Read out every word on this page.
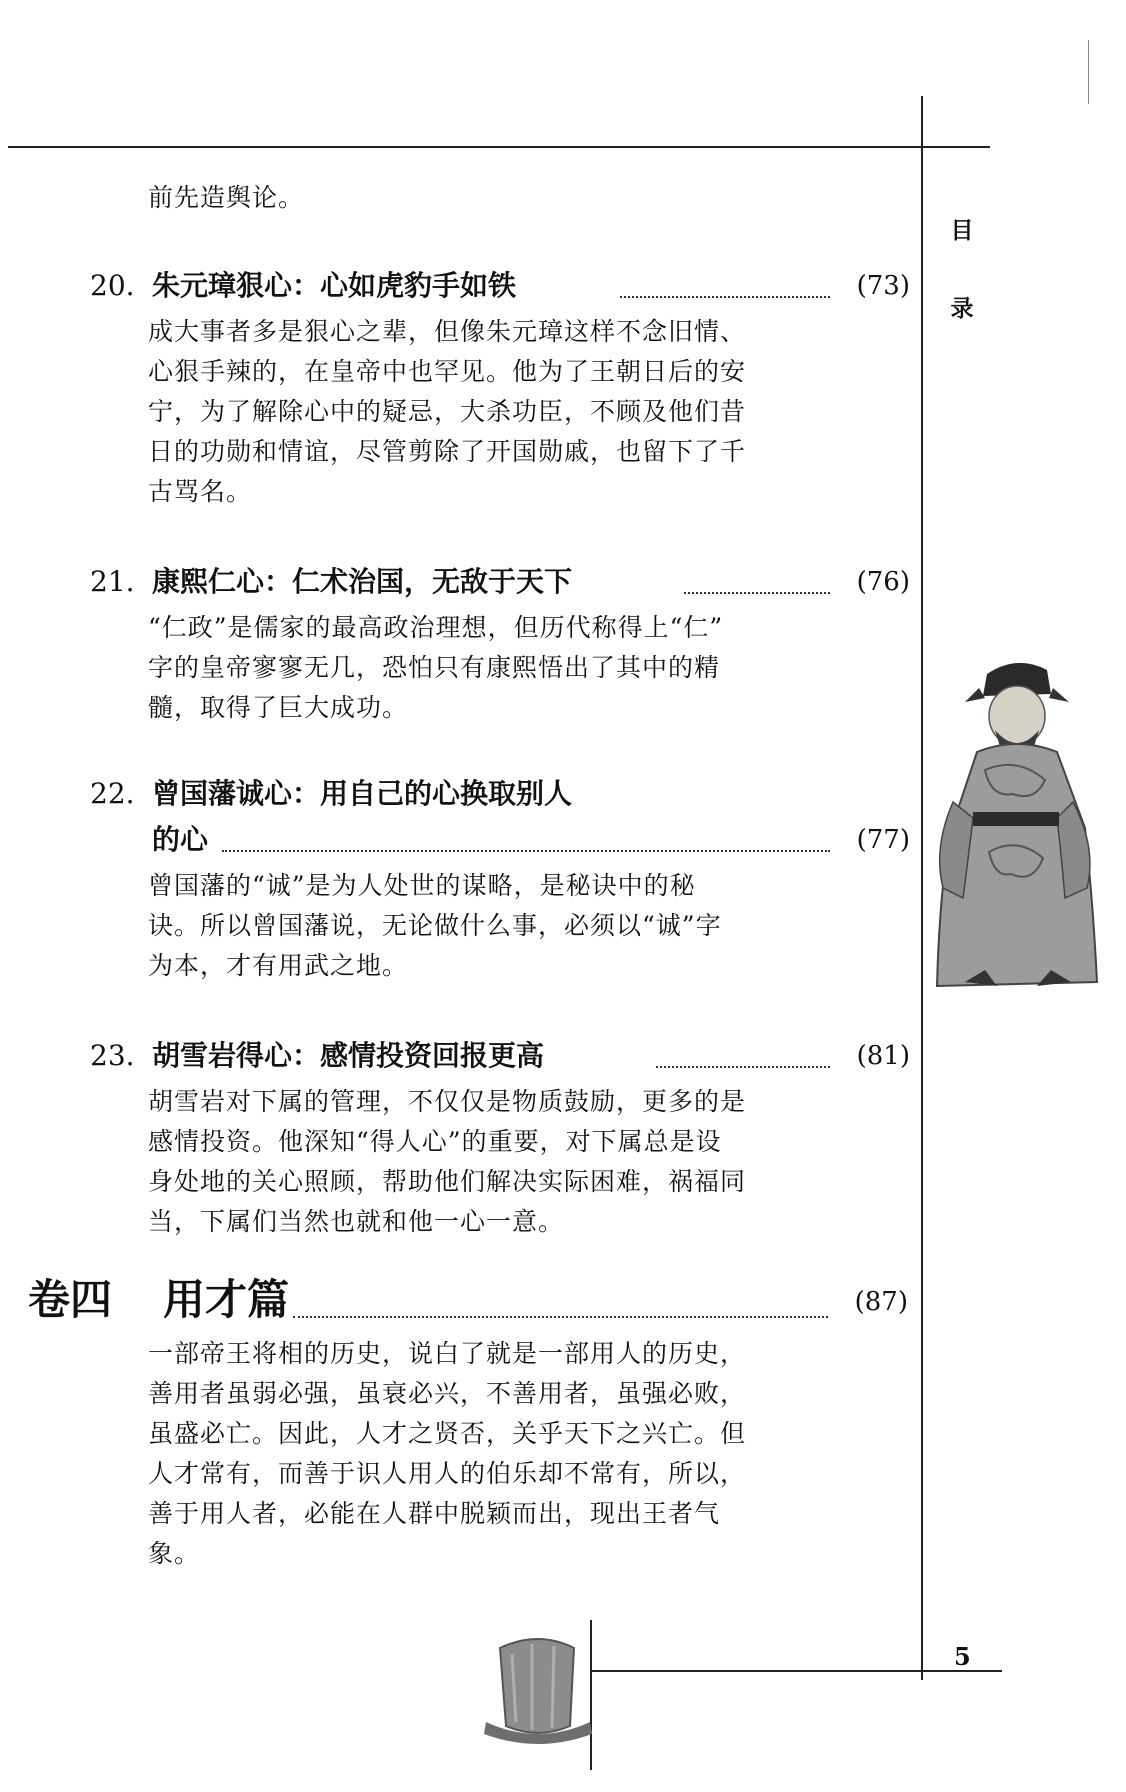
目
录
前先造舆论。
20. 朱元璋狠心：心如虎豹手如铁	(73)
成大事者多是狠心之辈，但像朱元璋这样不念旧情、
心狠手辣的，在皇帝中也罕见。他为了王朝日后的安
宁，为了解除心中的疑忌，大杀功臣，不顾及他们昔
日的功勋和情谊，尽管剪除了开国勋戚，也留下了千
古骂名。
21. 康熙仁心：仁术治国，无敌于天下	(76)
“仁政”是儒家的最高政治理想，但历代称得上“仁”
字的皇帝寥寥无几，恐怕只有康熙悟出了其中的精
髓，取得了巨大成功。
22. 曾国藩诚心：用自己的心换取别人
的心	(77)
曾国藩的“诚”是为人处世的谋略，是秘诀中的秘
诀。所以曾国藩说，无论做什么事，必须以“诚”字
为本，才有用武之地。
23. 胡雪岩得心：感情投资回报更高	(81)
胡雪岩对下属的管理，不仅仅是物质鼓励，更多的是
感情投资。他深知“得人心”的重要，对下属总是设
身处地的关心照顾，帮助他们解决实际困难，祸福同
当，下属们当然也就和他一心一意。
卷四 用才篇	(87)
一部帝王将相的历史，说白了就是一部用人的历史，
善用者虽弱必强，虽衰必兴，不善用者，虽强必败，
虽盛必亡。因此，人才之贤否，关乎天下之兴亡。但
人才常有，而善于识人用人的伯乐却不常有，所以，
善于用人者，必能在人群中脱颖而出，现出王者气
象。
5
